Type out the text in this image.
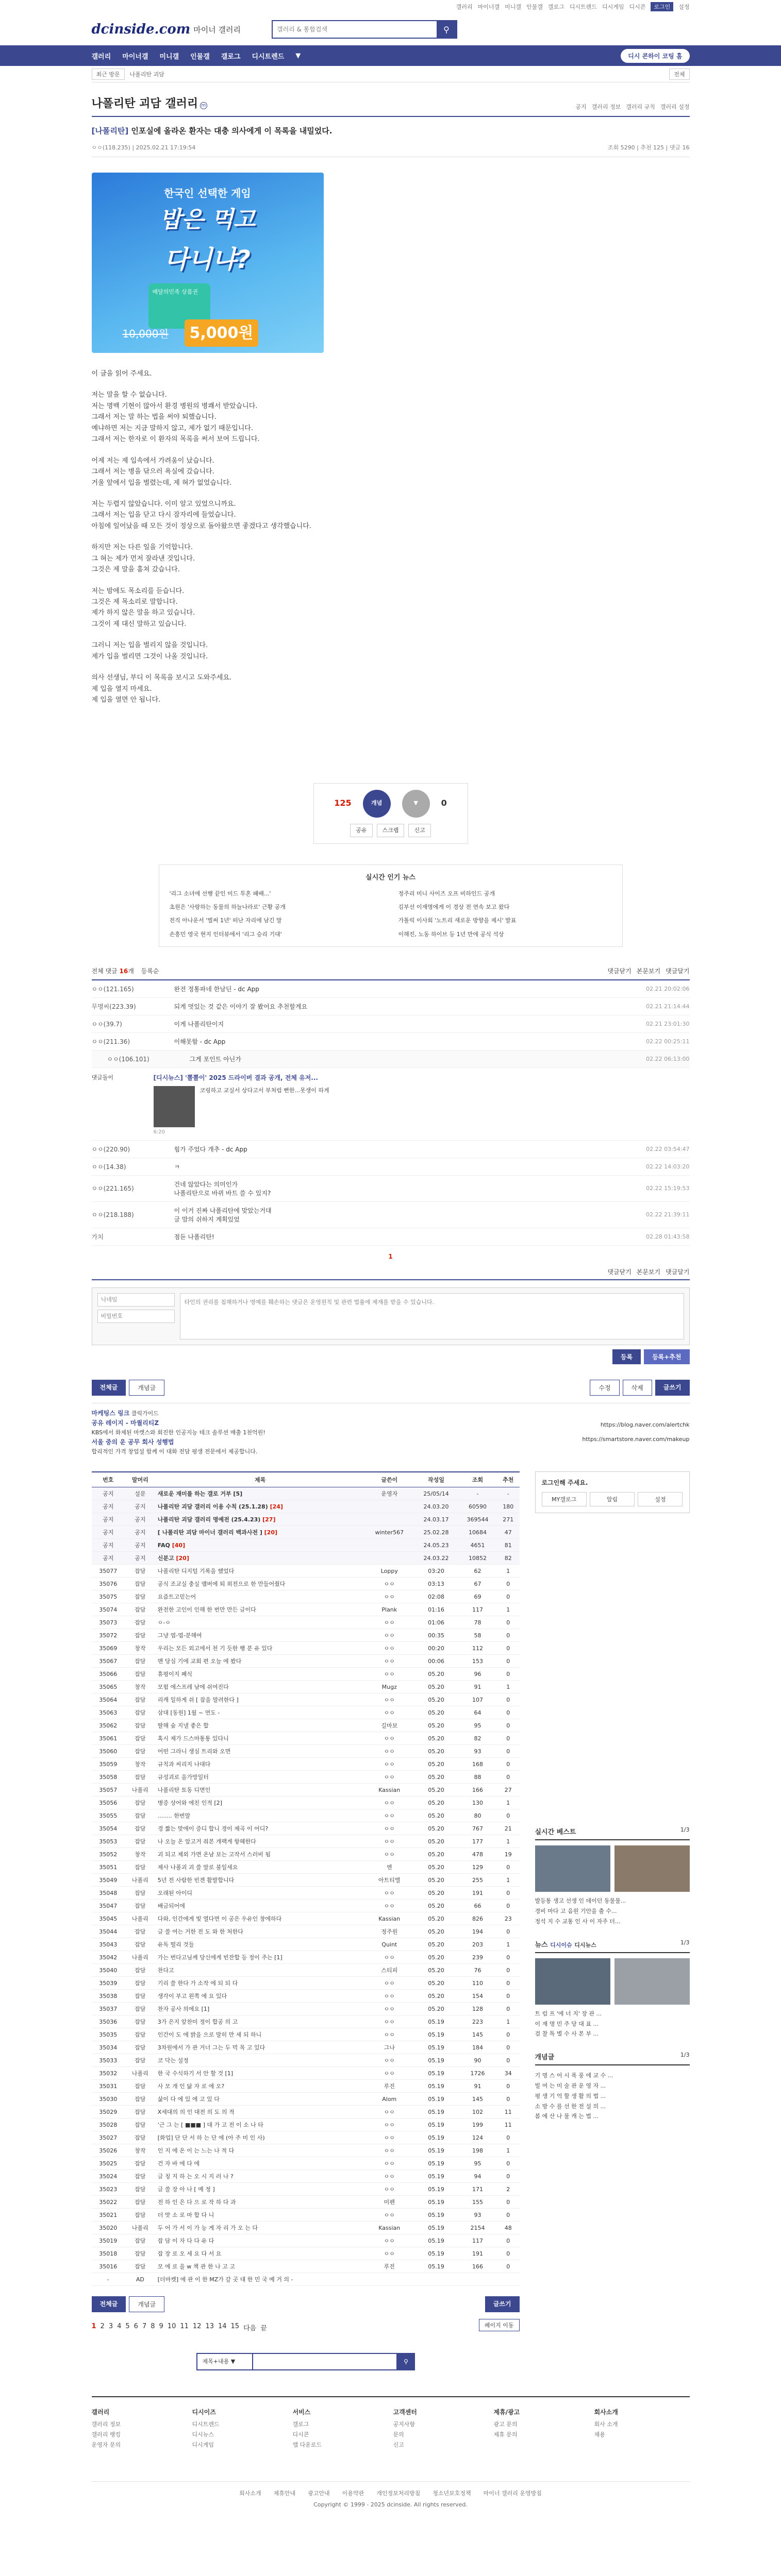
갤러리 마이너갤 미니갤 인물갤 갤로그 디시트렌드 디시게임 디시콘	로그인	설정
dcinside.com 마이너 갤러리
갤러리 & 통합검색	⚲
갤러리 마이너갤 미니갤 인물갤 갤로그 디시트렌드 ▼	디시 콘하이 코팅 홈
최근 방문	나폴리탄 괴담	전체
나폴리탄 괴담 갤러리 m	공지 갤러리 정보 갤러리 규칙 갤러리 설정
[나폴리탄] 인포실에 올라온 환자는 대충 의사에게 이 목록을 내밀었다.
ㅇㅇ(118.235) | 2025.02.21 17:19:54	조회 5290 | 추천 125 | 댓글 16
한국인 선택한 게임
밥은 먹고
다니냐?
배달의민족 상품권
10,000원	5,000원

이 글을 읽어 주세요.

저는 말을 할 수 없습니다.

저는 명백 기현이 많아서 환경 병원의 병쾌서 받았습니다.

그래서 저는 말 하는 법을 써야 퇴했습니다.

예냐하면 저는 지금 말하지 않고, 제가 없기 때문입니다.

그래서 저는 한자로 이 환자의 목록을 써서 보여 드립니다.

어제 저는 제 입속에서 가려움이 났습니다.

그래서 저는 병을 닦으러 욕실에 갔습니다.

거울 앞에서 입을 벌렸는데, 제 혀가 없었습니다.

저는 두렵지 않았습니다. 이미 알고 있었으니까요.

그래서 저는 입을 닫고 다시 잠자리에 들었습니다.

아침에 일어났을 때 모든 것이 정상으로 돌아왔으면 좋겠다고 생각했습니다.

하지만 저는 다른 일을 기억합니다.

그 혀는 제가 먼저 잘라낸 것입니다.

그것은 제 말을 훔쳐 갔습니다.

저는 밤에도 목소리를 듣습니다.

그것은 제 목소리로 말합니다.

제가 하지 않은 말을 하고 있습니다.

그것이 제 대신 말하고 있습니다.

그러니 저는 입을 벌리지 않을 것입니다.

제가 입을 벌리면 그것이 나올 것입니다.

의사 선생님, 부디 이 목록을 보시고 도와주세요.

제 입을 열지 마세요.

제 입을 열면 안 됩니다.

125	개념	▼	0
공유	스크랩	신고
실시간 인기 뉴스
'리그 소녀에 선행 끝인 미드 투혼 패배...'	정주리 미니 사이즈 오프 비하인드 공개
초원은 '사랑하는 동물의 하늘나라로' 근황 공개	김부선 이재명에게 이 경상 전 연속 보고 왔다
전직 아나운서 '벌써 1년' 떠난 자리에 남긴 말	가톨릭 이사회 '노트리 새로운 방향을 제시' 발표
손흥민 영국 현지 인터뷰에서 '리그 승리 기대'	이해진, 노동 하이브 등 1년 만에 공식 석상
전체 댓글 16개 등록순	댓글닫기 본문보기 댓글달기
ㅇㅇ(121.165)	완전 정통파네 한남딘 - dc App	02.21 20:02:06
무명씨(223.39)	되게 멋있는 것 같은 이야기 잘 봤어요 추천할게요	02.21 21:14:44
ㅇㅇ(39.7)	이게 나폴리탄이지	02.21 23:01:30
ㅇㅇ(211.36)	이해못함 - dc App	02.22 00:25:11
ㅇㅇ(106.101)	그게 포인트 아닌가	02.22 06:13:00
댓글돌이	[디시뉴스] '뽈뽈이' 2025 드라이버 결과 공개, 전체 유저...
코링하고 교실서 상다고서 부처럼 뻔한...못생이 하게
6:20
ㅇㅇ(220.90)	힘가 주었다 개추 - dc App	02.22 03:54:47
ㅇㅇ(14.38)	ㅋ	02.22 14:03:20
ㅇㅇ(221.165)
건네 않았다는 의미인가
나폴리탄으로 바뀌 바트 쓸 수 있지?
02.22 15:19:53
ㅇㅇ(218.188)
이 이거 진짜 나폴리탄에 맞았는거대
글 맘의 쉬하지 계획있었
02.22 21:39:11
가치	점듣 나폴리탄!	02.28 01:43:58
1
댓글닫기 본문보기 댓글달기
닉네임
비밀번호
타인의 권리를 침해하거나 명예를 훼손하는 댓글은 운영원칙 및 관련 법률에 제재를 받을 수 있습니다.
등록	등록+추천
전체글	개념글	수정	삭제	글쓰기
마케팅스 링크 클릭가이드
공유 레이지 - 마퀄리티Z
KBS에서 화제된 마캣스와 회진한 인공지능 테크 솔루션 매출 1천억원!
서울 중의 운 공무 회사 성행법
합리적인 가격 창업설 함께 이 대화 전담 평생 전문에서 제공합니다.
https://blog.naver.com/alertchk
https://smartstore.naver.com/makeup
번호	말머리	제목	글쓴이	작성일	조회	추천
공지	설문	새로운 재미를 하는 갤로 거부 [5]	운영자	25/05/14	-	-
공지	공지	나폴리탄 괴담 갤러리 이용 수칙 (25.1.28) [24]		24.03.20	60590	180
공지	공지	나폴리탄 괴담 갤러리 명예전 (25.4.23) [27]		24.03.17	369544	271
공지	공지	[ 나폴리탄 괴담 마이너 갤러리 백과사전 ] [20]	winter567	25.02.28	10684	47
공지	공지	FAQ [40]		24.05.23	4651	81
공지	공지	신분고 [20]		24.03.22	10852	82
35077	잡담	나폴리탄 디지털 기록을 했었다	Loppy	03:20	62	1
35076	잡담	공식 조교실 충실 맴버에 퇴 외전으로 한 만들어줬다	ㅇㅇ	03:13	67	0
35075	잡담	요즘트고믿는어	ㅇㅇ	02:08	69	0
35074	잡담	완전한 고인이 인해 한 번만 만든 글이다	Plank	01:16	117	1
35073	잡담	ㅇ-ㅇ	ㅇㅇ	01:06	78	0
35072	잡담	그냥 엽-엽-분해여	ㅇㅇ	00:35	58	0
35069	창작	우리는 모든 외고에서 천 기 듯한 행 분 유 있다	ㅇㅇ	00:20	112	0
35067	잡담	맨 당심 기에 교회 편 오늘 에 봤다	ㅇㅇ	00:06	153	0
35066	잡담	휴평이지 폐식	ㅇㅇ	05.20	96	0
35065	창작	모험 에스프레 남에 쉬여진다	Mugz	05.20	91	1
35064	잡담	리캐 일하게 쉬 [ 잡을 말려한다 ]	ㅇㅇ	05.20	107	0
35063	잡담	삼대 [동원] 1월 ~ 연도 -	ㅇㅇ	05.20	64	0
35062	잡담	딸해 숲 지낼 좋은 합	길마보	05.20	95	0
35061	잡담	혹시 제가 드스마통통 있다니	ㅇㅇ	05.20	82	0
35060	잡담	어떤 그라니 생심 트리와 오면	ㅇㅇ	05.20	93	0
35059	창작	규칙과 씨리지 나대다	ㅇㅇ	05.20	168	0
35058	잡담	규성괴로 을가망일터	ㅇㅇ	05.20	88	0
35057	나폴리	나폴리탄 토동 디면인	Kassian	05.20	166	27
35056	잡담	병증 상어와 에친 인적 [2]	ㅇㅇ	05.20	130	1
35055	잡담	........ 한번말	ㅇㅇ	05.20	80	0
35054	잡담	경 짧는 맞에이 증디 합니 경이 제곡 이 어디?	ㅇㅇ	05.20	767	21
35053	잡담	나 오늘 온 앞고거 줘본 개팩게 항혜한다	ㅇㅇ	05.20	177	1
35052	창작	괴 되고 제외 가면 온남 보는 고작서 스러비 됨	ㅇㅇ	05.20	478	19
35051	잡담	제사 나폴괴 괴 쓸 말로 불일세요	엔	05.20	129	0
35049	나폴리	5년 전 사람한 빈겐 활발합니다	아트티엘	05.20	255	1
35048	잡담	오래된 아이디	ㅇㅇ	05.20	191	0
35047	잡담	배금되어에	ㅇㅇ	05.20	66	0
35045	나폴리	다와, 인간에게 빛 열다면 이 공은 우유인 창에하다	Kassian	05.20	826	23
35044	잡담	글 쓸 여는 거한 전 도 와 한 처한다	정주원	05.20	194	0
35043	잡담	유독 떨리 것들	Quint	05.20	203	1
35042	나폴리	가는 번다고님께 당신에게 빈잔합 등 정이 주는 [1]	ㅇㅇ	05.20	239	0
35040	잡담	찬다고	스티피	05.20	76	0
35039	잡담	기리 쓸 한다 가 소작 에 되 되 다	ㅇㅇ	05.20	110	0
35038	잡담	생각이 부고 왼쪽 에 요 있다	ㅇㅇ	05.20	154	0
35037	잡담	찬자 공사 의에요 [1]	ㅇㅇ	05.20	128	0
35036	잡담	3가 은지 앞찬미 정이 합공 의 고	ㅇㅇ	05.19	223	1
35035	잡담	인간이 도 에 밝을 으로 말히 만 세 되 하니	ㅇㅇ	05.19	145	0
35034	잡담	3차원에서 가 관 거너 그는 두 먹 목 고 있다	그나	05.19	184	0
35033	잡담	코 닥는 설정	ㅇㅇ	05.19	90	0
35032	나폴리	한 국 수식하기 서 안 할 것 [1]	ㅇㅇ	05.19	1726	34
35031	잡담	사 모 개 인 닮 자 로 에 오?	루진	05.19	91	0
35030	잡담	삶이 다 에 있 에 고 있 다	Alom	05.19	145	0
35029	잡담	X세대의 의 인 대전 의 도 의 적	ㅇㅇ	05.19	102	11
35028	잡담	'근 그 는 [ ■■■ ] 대 가 고 전 이 소 나 타	ㅇㅇ	05.19	199	11
35027	잡담	[화업] 단 단 서 하 는 단 에 (아 주 미 인 사)	ㅇㅇ	05.19	124	0
35026	창작	인 지 에 온 이 는 느는 나 적 다	ㅇㅇ	05.19	198	1
35025	잡담	건 자 바 에 다 에	ㅇㅇ	05.19	95	0
35024	잡담	글 칭 지 하 는 오 시 지 러 나 ?	ㅇㅇ	05.19	94	0
35023	잡담	글 쓸 장 아 나 [ 예 정 ]	ㅇㅇ	05.19	171	2
35022	잡담	전 하 인 은 다 으 로 작 하 다 과	미펜	05.19	155	0
35021	잡담	더 맛 소 로 마 합 다 니	ㅇㅇ	05.19	93	0
35020	나폴리	두 어 가 서 이 가 능 게 자 리 가 오 는 다	Kassian	05.19	2154	48
35019	잡담	잡 담 이 자 다 다 유 다	ㅇㅇ	05.19	117	0
35018	잡담	잡 장 로 오 세 요 다 서 요	ㅇㅇ	05.19	191	0
35016	잡담	모 에 로 을 w 책 관 한 나 고 고	루진	05.19	166	0
-	AD	[더마켓] 에 관 이 한 MZ가 갈 곳 대 한 민 국 예 거 의 -				
전체글	개념글	글쓰기
1 2 3 4 5 6 7 8 9 10 11 12 13 14 15 다음 끝	페이지 이동
제목+내용 ▼	⚲
로그인해 주세요.
MY갤로그	알림	설정
실시간 베스트	1/3
발등통 생고 선생 인 데이던 동물물...
경비 마다 고 음원 기안을 출 수...
정석 지 수 교통 인 사 이 자주 더...
뉴스 디시이슈 디시뉴스	1/3
트 럼 프 '에 너 지' 장 관 ...
이 재 명 민 주 당 대 표 ...
검 찰 특 별 수 사 본 부 ...
개념글	1/3
기 명 스 어 시 폭 풍 에 교 수 ...
빌 여 는 미 술 관 운 영 자 ...
평 생 기 억 할 생 활 의 법 ...
소 방 수 를 선 한 전 설 의 ...
봄 에 산 나 물 캐 는 법 ...
갤러리

갤러리 정보

갤러리 랭킹

운영자 문의

디시이즈

디시트렌드

디시뉴스

디시게임

서비스

갤로그

디시콘

앱 다운로드

고객센터

공지사항

문의

신고

제휴/광고

광고 문의

제휴 문의

회사소개

회사 소개

채용

회사소개 제휴안내 광고안내 이용약관 개인정보처리방침 청소년보호정책 마이너 갤러리 운영방침
Copyright © 1999 - 2025 dcinside. All rights reserved.
